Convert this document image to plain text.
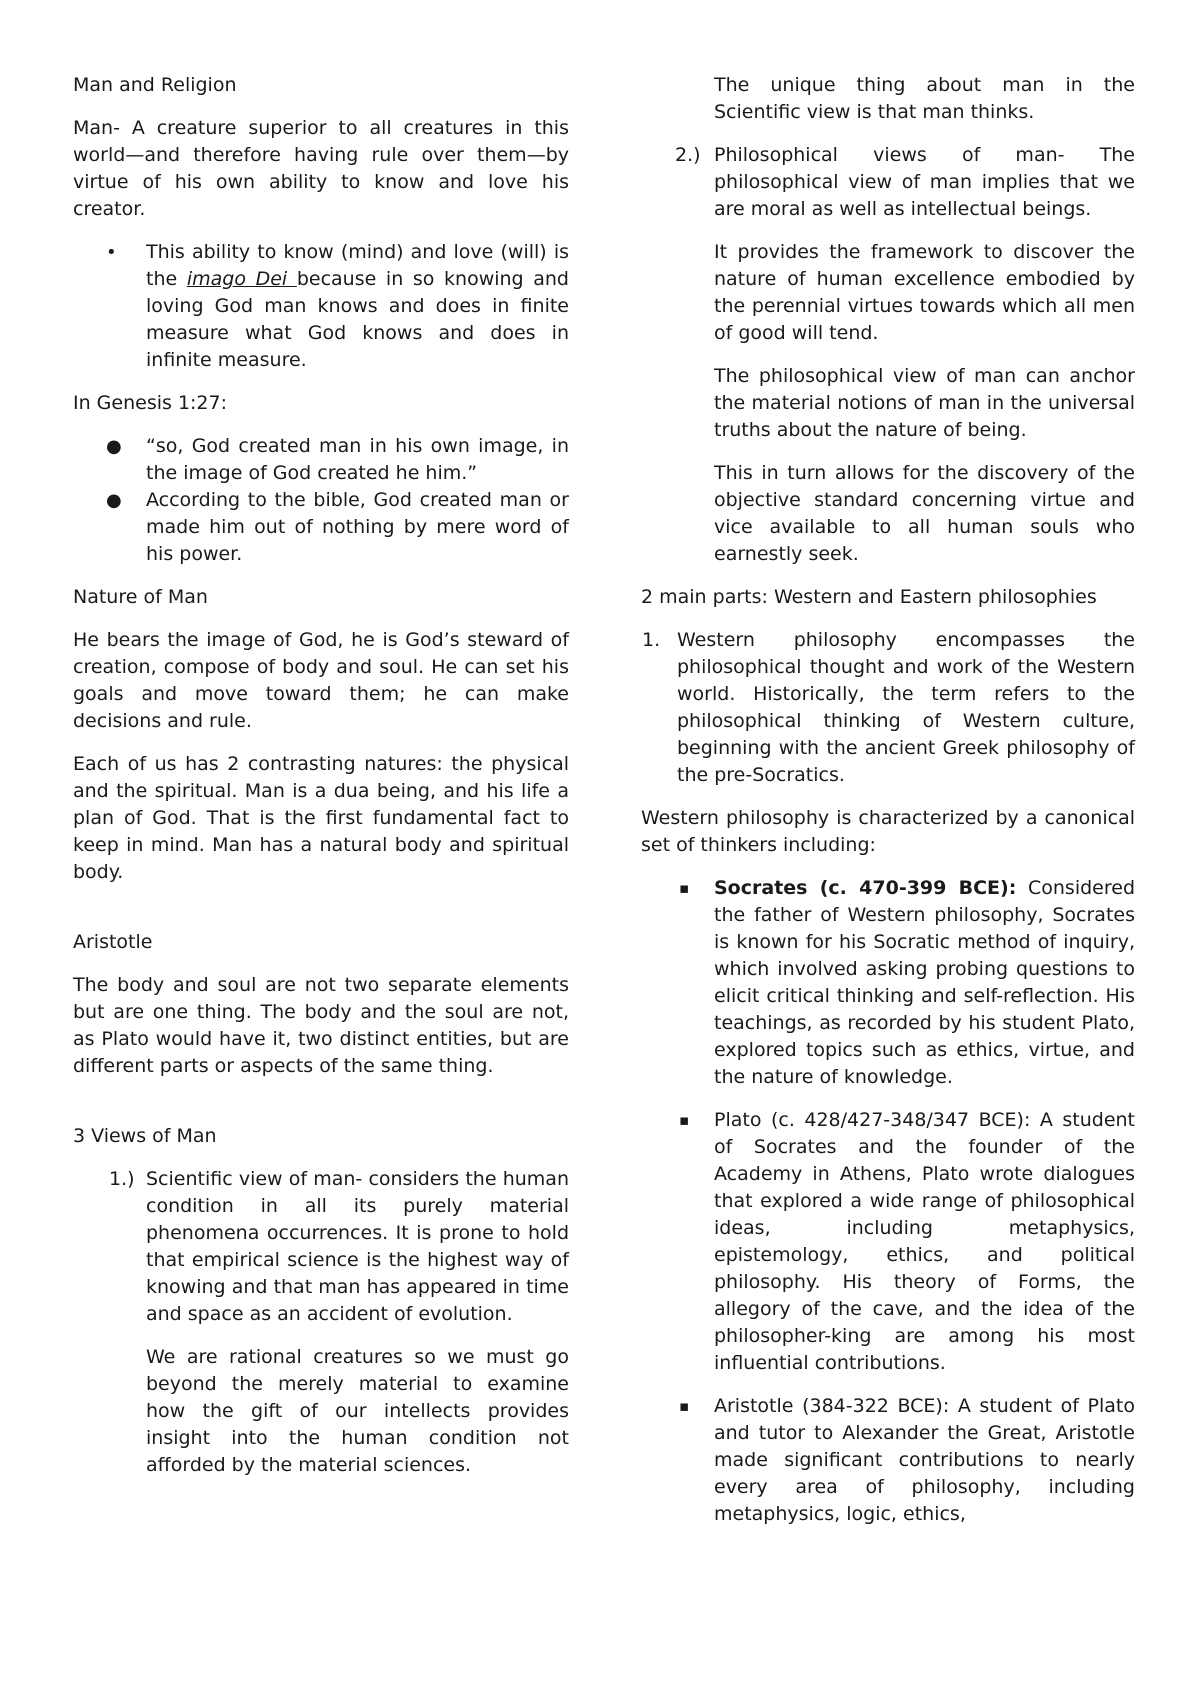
Man and Religion

Man- A creature superior to all creatures in this world—and therefore having rule over them—by virtue of his own ability to know and love his creator.

•	This ability to know (mind) and love (will) is the imago Dei because in so knowing and loving God man knows and does in finite measure what God knows and does in infinite measure.

In Genesis 1:27:

●	“so, God created man in his own image, in the image of God created he him.”

●	According to the bible, God created man or made him out of nothing by mere word of his power.

Nature of Man

He bears the image of God, he is God’s steward of creation, compose of body and soul. He can set his goals and move toward them; he can make decisions and rule.

Each of us has 2 contrasting natures: the physical and the spiritual. Man is a dua being, and his life a plan of God. That is the first fundamental fact to keep in mind. Man has a natural body and spiritual body.

Aristotle

The body and soul are not two separate elements but are one thing. The body and the soul are not, as Plato would have it, two distinct entities, but are different parts or aspects of the same thing.

3 Views of Man

1.) Scientific view of man- considers the human condition in all its purely material phenomena occurrences. It is prone to hold that empirical science is the highest way of knowing and that man has appeared in time and space as an accident of evolution.

We are rational creatures so we must go beyond the merely material to examine how the gift of our intellects provides insight into the human condition not afforded by the material sciences.

The unique thing about man in the Scientific view is that man thinks.

2.) Philosophical views of man- The philosophical view of man implies that we are moral as well as intellectual beings.

It provides the framework to discover the nature of human excellence embodied by the perennial virtues towards which all men of good will tend.

The philosophical view of man can anchor the material notions of man in the universal truths about the nature of being.

This in turn allows for the discovery of the objective standard concerning virtue and vice available to all human souls who earnestly seek.

2 main parts: Western and Eastern philosophies

1. Western philosophy encompasses the philosophical thought and work of the Western world. Historically, the term refers to the philosophical thinking of Western culture, beginning with the ancient Greek philosophy of the pre-Socratics.

Western philosophy is characterized by a canonical set of thinkers including:

▪	Socrates (c. 470-399 BCE): Considered the father of Western philosophy, Socrates is known for his Socratic method of inquiry, which involved asking probing questions to elicit critical thinking and self-reflection. His teachings, as recorded by his student Plato, explored topics such as ethics, virtue, and the nature of knowledge.

▪	Plato (c. 428/427-348/347 BCE): A student of Socrates and the founder of the Academy in Athens, Plato wrote dialogues that explored a wide range of philosophical ideas, including metaphysics, epistemology, ethics, and political philosophy. His theory of Forms, the allegory of the cave, and the idea of the philosopher-king are among his most influential contributions.

▪	Aristotle (384-322 BCE): A student of Plato and tutor to Alexander the Great, Aristotle made significant contributions to nearly every area of philosophy, including metaphysics, logic, ethics,
